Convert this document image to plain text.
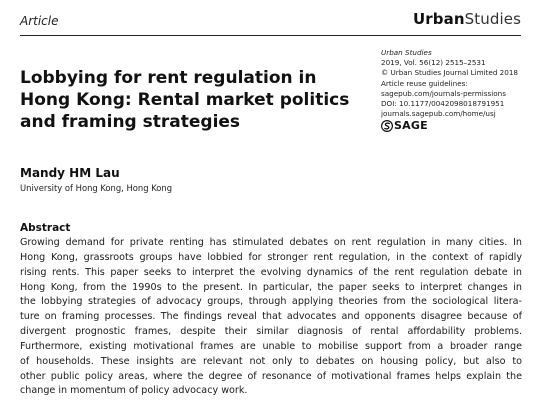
Article	UrbanStudies
Lobbying for rent regulation in
Hong Kong: Rental market politics
and framing strategies
Urban Studies
2019, Vol. 56(12) 2515–2531
© Urban Studies Journal Limited 2018
Article reuse guidelines:
sagepub.com/journals-permissions
DOI: 10.1177/0042098018791951
journals.sagepub.com/home/usj
SAGE
Mandy HM Lau
University of Hong Kong, Hong Kong
Abstract
Growing demand for private renting has stimulated debates on rent regulation in many cities. In
Hong Kong, grassroots groups have lobbied for stronger rent regulation, in the context of rapidly
rising rents. This paper seeks to interpret the evolving dynamics of the rent regulation debate in
Hong Kong, from the 1990s to the present. In particular, the paper seeks to interpret changes in
the lobbying strategies of advocacy groups, through applying theories from the sociological litera-
ture on framing processes. The findings reveal that advocates and opponents disagree because of
divergent prognostic frames, despite their similar diagnosis of rental affordability problems.
Furthermore, existing motivational frames are unable to mobilise support from a broader range
of households. These insights are relevant not only to debates on housing policy, but also to
other public policy areas, where the degree of resonance of motivational frames helps explain the
change in momentum of policy advocacy work.
